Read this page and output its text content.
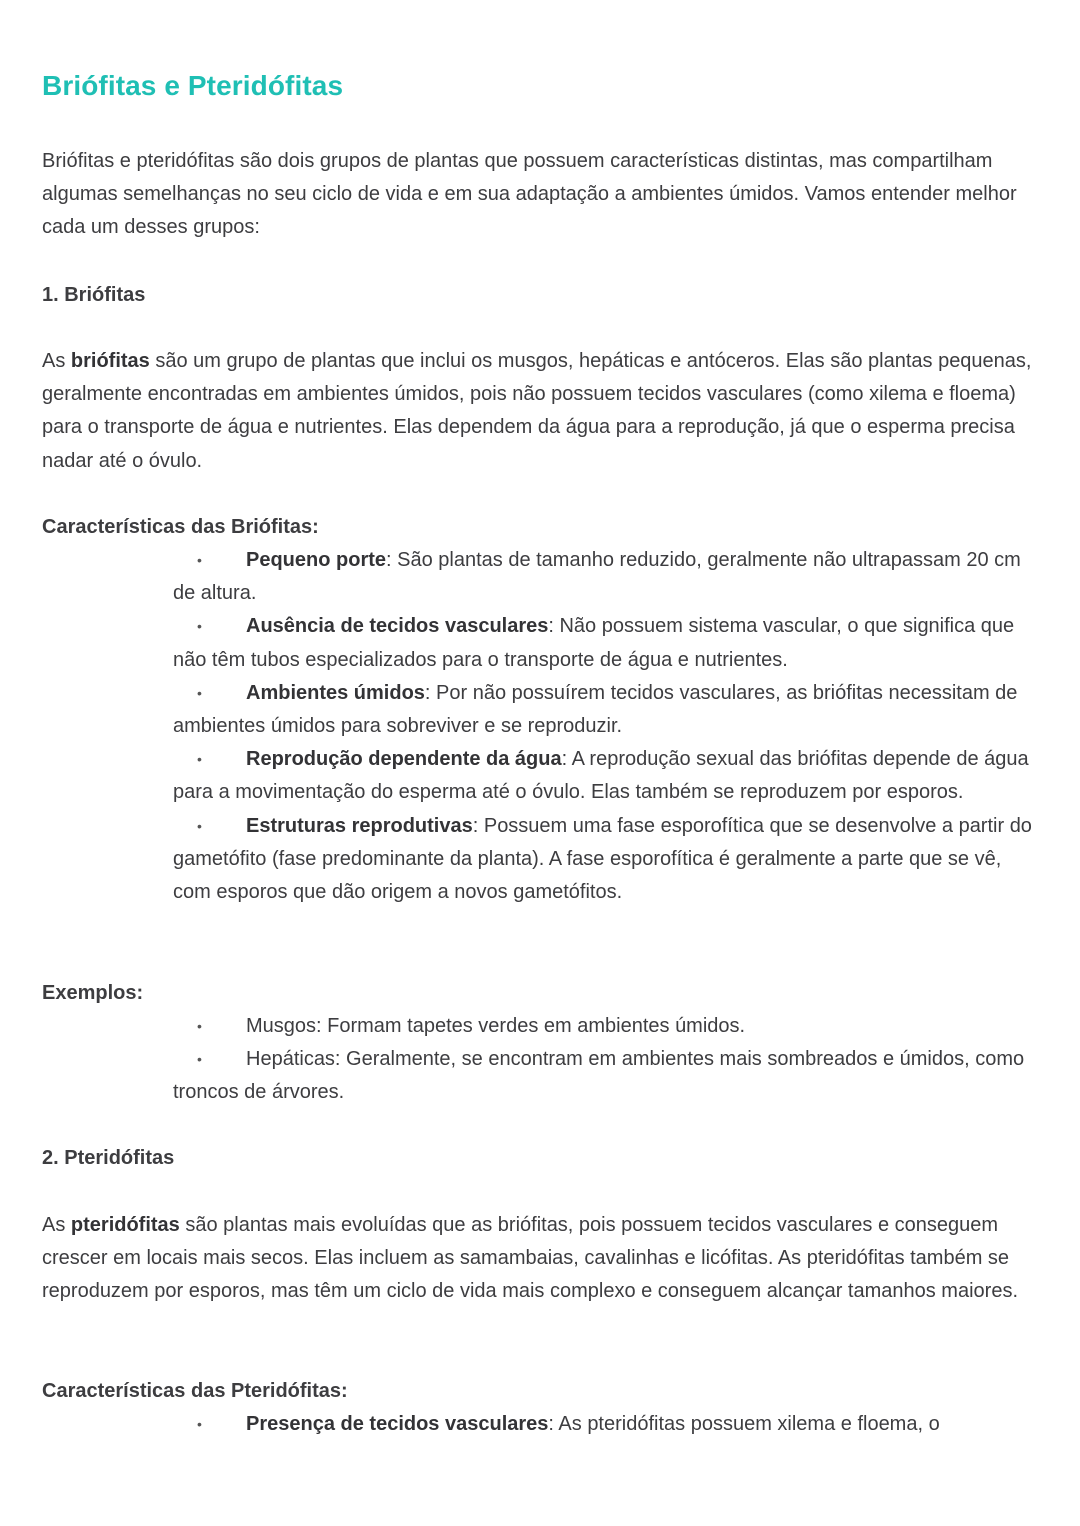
Briófitas e Pteridófitas
Briófitas e pteridófitas são dois grupos de plantas que possuem características distintas, mas compartilham algumas semelhanças no seu ciclo de vida e em sua adaptação a ambientes úmidos. Vamos entender melhor cada um desses grupos:
1. Briófitas
As briófitas são um grupo de plantas que inclui os musgos, hepáticas e antóceros. Elas são plantas pequenas, geralmente encontradas em ambientes úmidos, pois não possuem tecidos vasculares (como xilema e floema) para o transporte de água e nutrientes. Elas dependem da água para a reprodução, já que o esperma precisa nadar até o óvulo.
Características das Briófitas:
• Pequeno porte: São plantas de tamanho reduzido, geralmente não ultrapassam 20 cm de altura.
• Ausência de tecidos vasculares: Não possuem sistema vascular, o que significa que não têm tubos especializados para o transporte de água e nutrientes.
• Ambientes úmidos: Por não possuírem tecidos vasculares, as briófitas necessitam de ambientes úmidos para sobreviver e se reproduzir.
• Reprodução dependente da água: A reprodução sexual das briófitas depende de água para a movimentação do esperma até o óvulo. Elas também se reproduzem por esporos.
• Estruturas reprodutivas: Possuem uma fase esporofítica que se desenvolve a partir do gametófito (fase predominante da planta). A fase esporofítica é geralmente a parte que se vê, com esporos que dão origem a novos gametófitos.
Exemplos:
• Musgos: Formam tapetes verdes em ambientes úmidos.
• Hepáticas: Geralmente, se encontram em ambientes mais sombreados e úmidos, como troncos de árvores.
2. Pteridófitas
As pteridófitas são plantas mais evoluídas que as briófitas, pois possuem tecidos vasculares e conseguem crescer em locais mais secos. Elas incluem as samambaias, cavalinhas e licófitas. As pteridófitas também se reproduzem por esporos, mas têm um ciclo de vida mais complexo e conseguem alcançar tamanhos maiores.
Características das Pteridófitas:
• Presença de tecidos vasculares: As pteridófitas possuem xilema e floema, o
